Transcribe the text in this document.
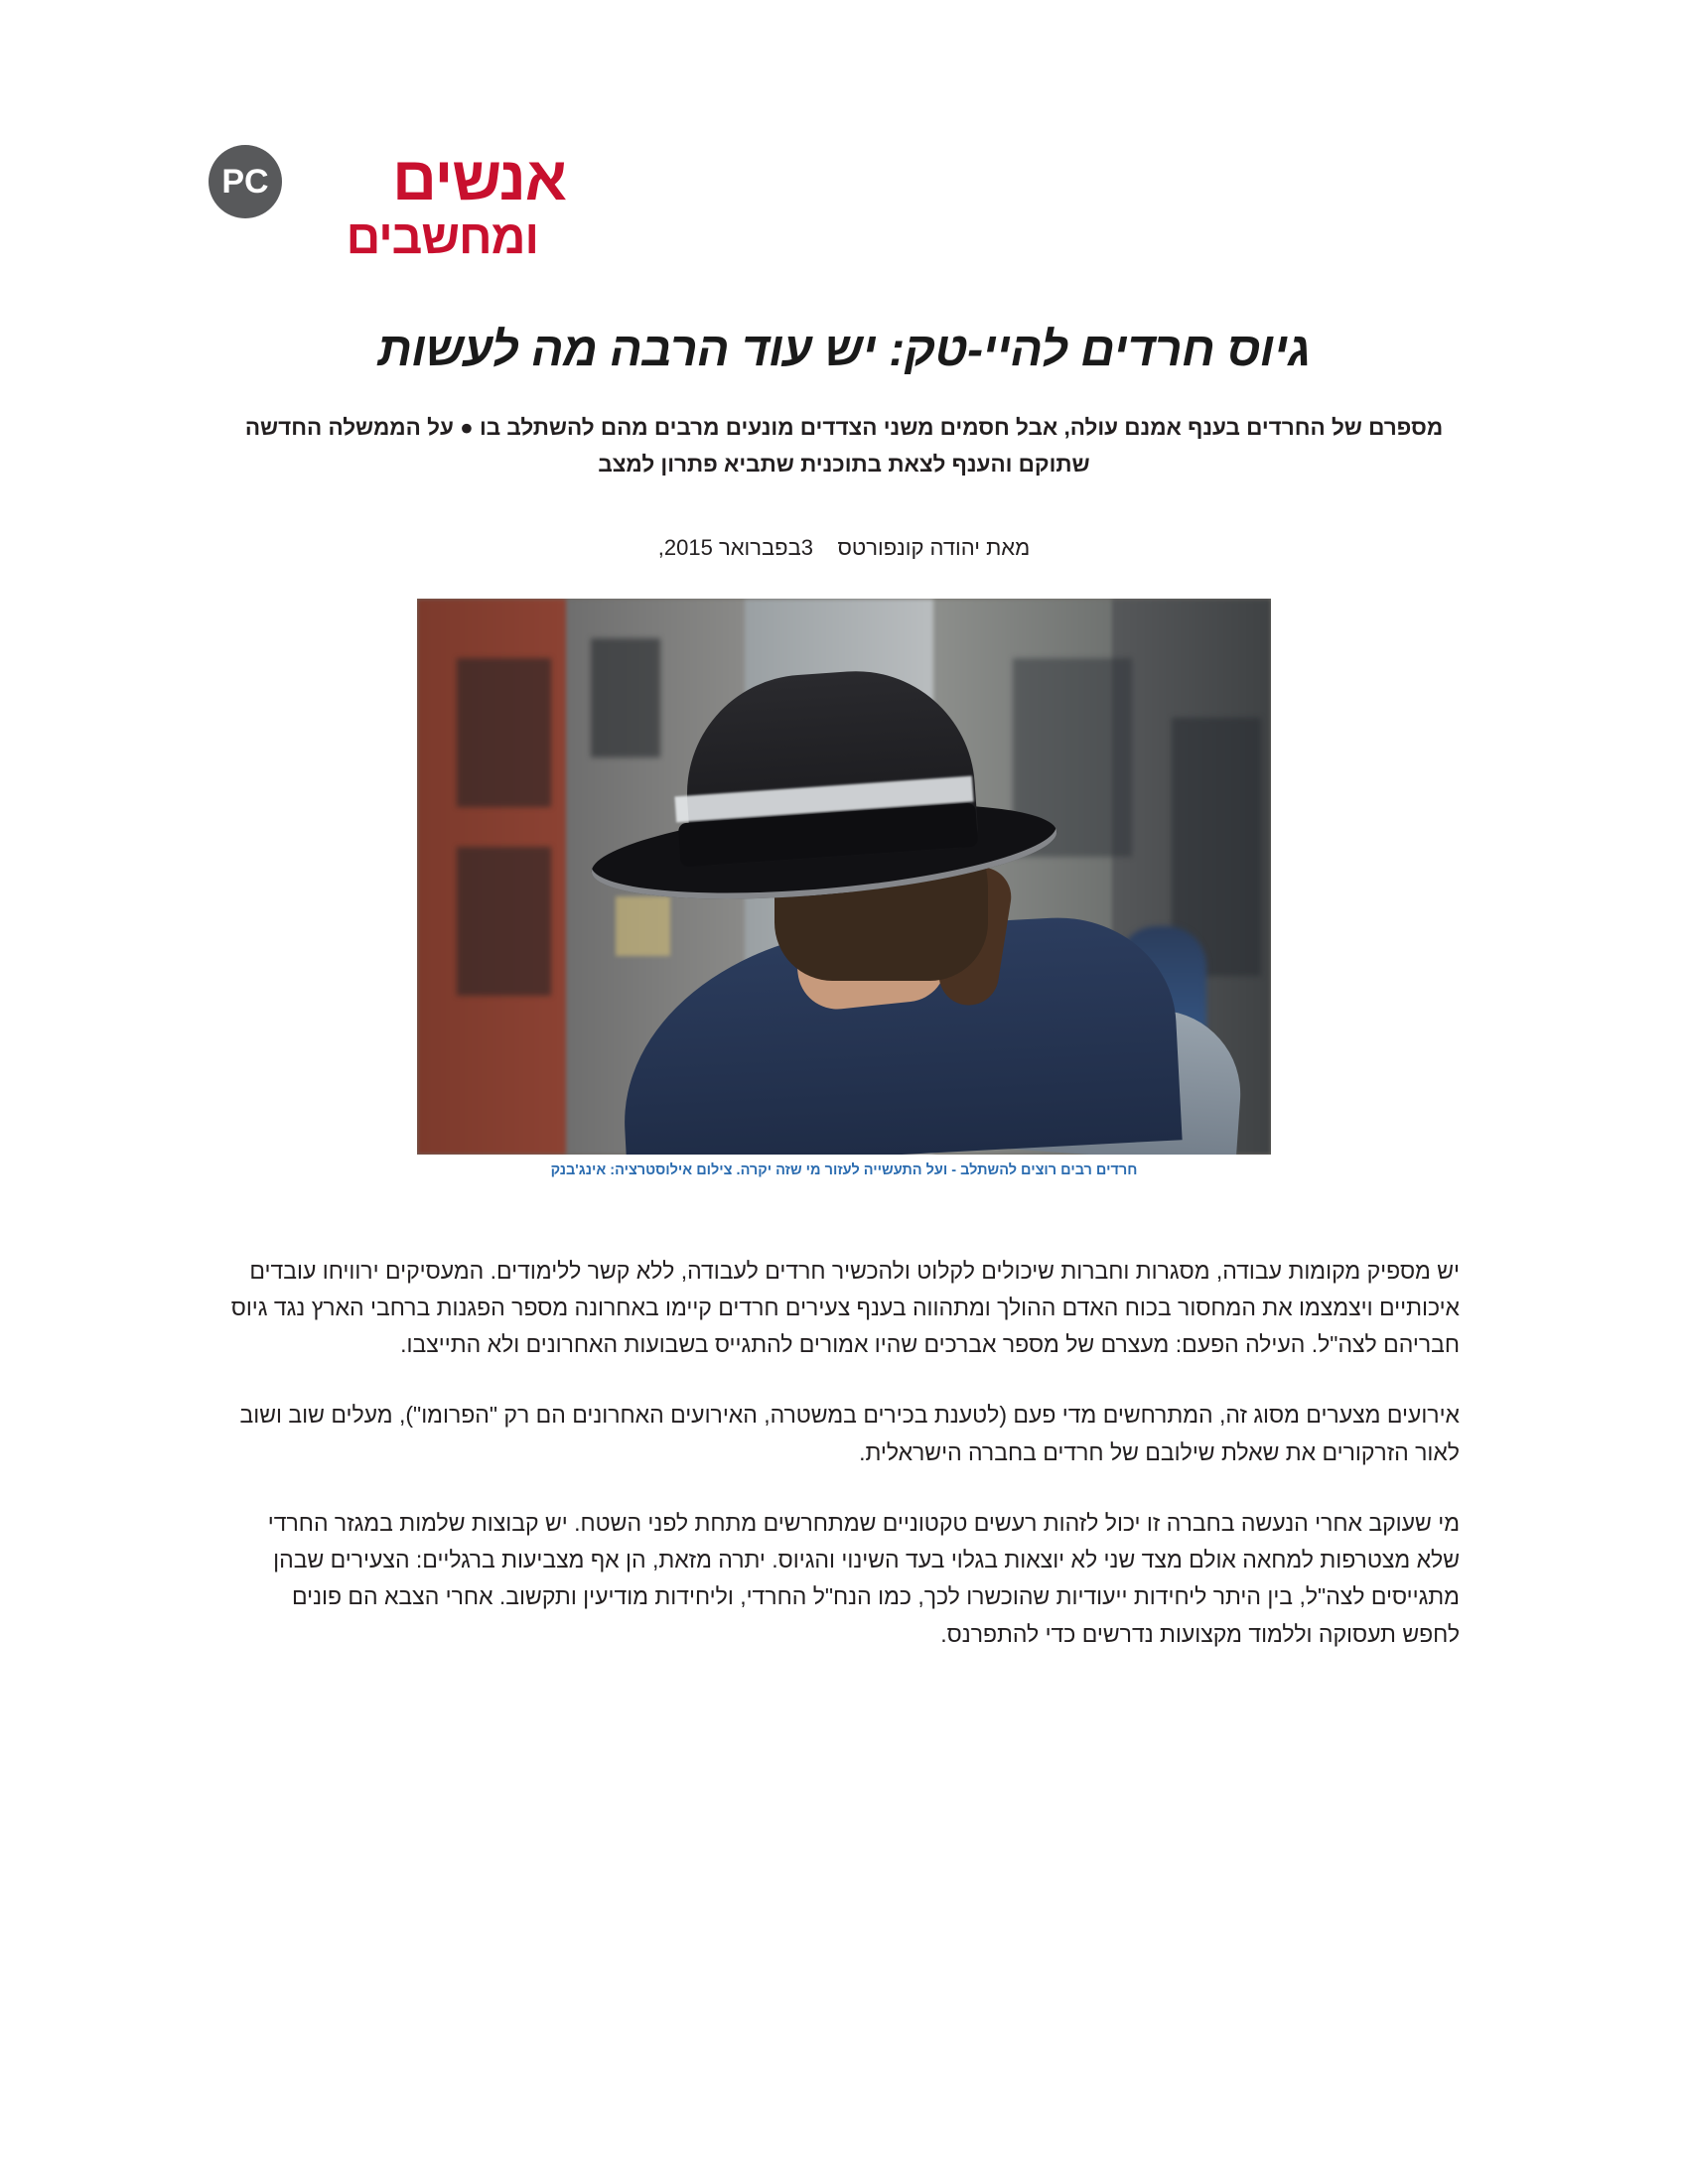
אנשים
ומחשבים
PC
גיוס חרדים להיי-טק: יש עוד הרבה מה לעשות

מספרם של החרדים בענף אמנם עולה, אבל חסמים משני הצדדים מונעים מרבים מהם להשתלב בו ● על הממשלה החדשה שתוקם והענף לצאת בתוכנית שתביא פתרון למצב

מאת יהודה קונפורטס    3בפברואר 2015,
חרדים רבים רוצים להשתלב - ועל התעשייה לעזור מי שזה יקרה. צילום אילוסטרציה: אינג'בנק

יש מספיק מקומות עבודה, מסגרות וחברות שיכולים לקלוט ולהכשיר חרדים לעבודה, ללא קשר ללימודים. המעסיקים ירוויחו עובדים איכותיים ויצמצמו את המחסור בכוח האדם ההולך ומתהווה בענף צעירים חרדים קיימו באחרונה מספר הפגנות ברחבי הארץ נגד גיוס חבריהם לצה"ל. העילה הפעם: מעצרם של מספר אברכים שהיו אמורים להתגייס בשבועות האחרונים ולא התייצבו.

אירועים מצערים מסוג זה, המתרחשים מדי פעם (לטענת בכירים במשטרה, האירועים האחרונים הם רק "הפרומו"), מעלים שוב ושוב לאור הזרקורים את שאלת שילובם של חרדים בחברה הישראלית.

מי שעוקב אחרי הנעשה בחברה זו יכול לזהות רעשים טקטוניים שמתחרשים מתחת לפני השטח. יש קבוצות שלמות במגזר החרדי שלא מצטרפות למחאה אולם מצד שני לא יוצאות בגלוי בעד השינוי והגיוס. יתרה מזאת, הן אף מצביעות ברגליים: הצעירים שבהן מתגייסים לצה"ל, בין היתר ליחידות ייעודיות שהוכשרו לכך, כמו הנח"ל החרדי, וליחידות מודיעין ותקשוב. אחרי הצבא הם פונים לחפש תעסוקה וללמוד מקצועות נדרשים כדי להתפרנס.
